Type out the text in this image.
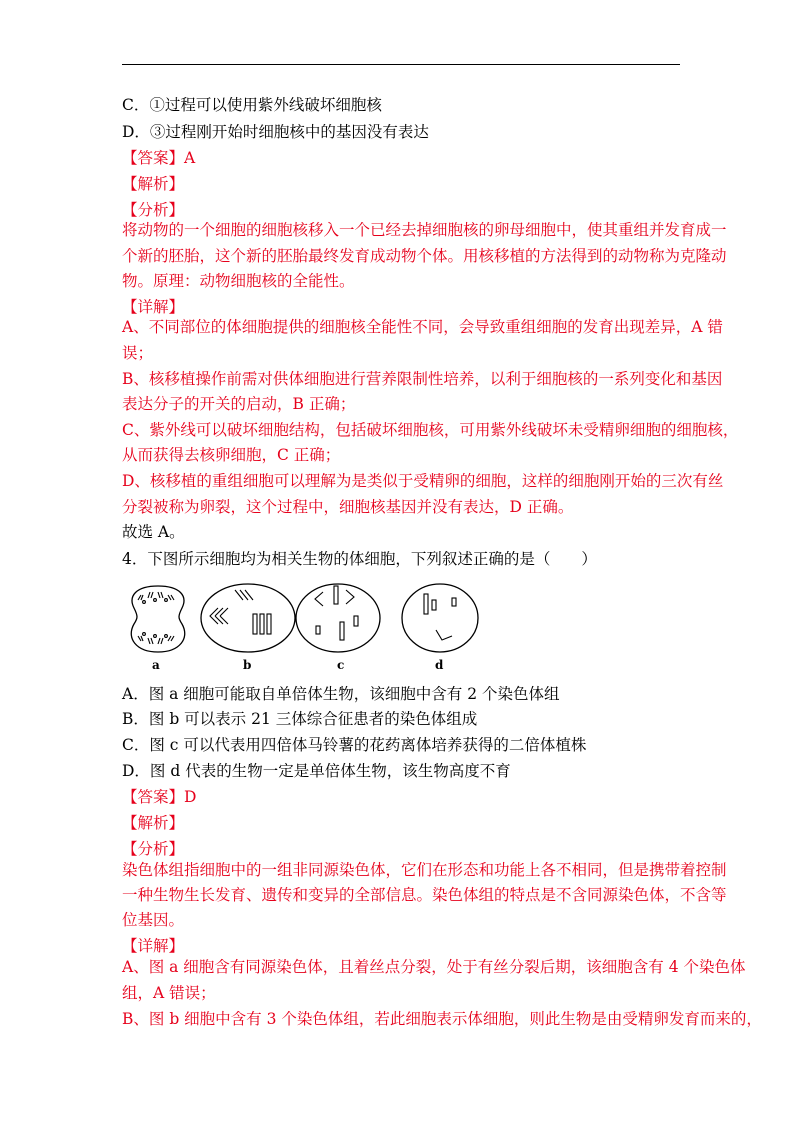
C．①过程可以使用紫外线破坏细胞核
D．③过程刚开始时细胞核中的基因没有表达
【答案】A
【解析】
【分析】
将动物的一个细胞的细胞核移入一个已经去掉细胞核的卵母细胞中，使其重组并发育成一
个新的胚胎，这个新的胚胎最终发育成动物个体。用核移植的方法得到的动物称为克隆动
物。原理：动物细胞核的全能性。
【详解】
A、不同部位的体细胞提供的细胞核全能性不同，会导致重组细胞的发育出现差异，A 错
误；
B、核移植操作前需对供体细胞进行营养限制性培养，以利于细胞核的一系列变化和基因
表达分子的开关的启动，B 正确；
C、紫外线可以破坏细胞结构，包括破坏细胞核，可用紫外线破坏未受精卵细胞的细胞核，
从而获得去核卵细胞，C 正确；
D、核移植的重组细胞可以理解为是类似于受精卵的细胞，这样的细胞刚开始的三次有丝
分裂被称为卵裂，这个过程中，细胞核基因并没有表达，D 正确。
故选 A。
4．下图所示细胞均为相关生物的体细胞，下列叙述正确的是（　　）
a	b	c	d
A．图 a 细胞可能取自单倍体生物，该细胞中含有 2 个染色体组
B．图 b 可以表示 21 三体综合征患者的染色体组成
C．图 c 可以代表用四倍体马铃薯的花药离体培养获得的二倍体植株
D．图 d 代表的生物一定是单倍体生物，该生物高度不育
【答案】D
【解析】
【分析】
染色体组指细胞中的一组非同源染色体，它们在形态和功能上各不相同，但是携带着控制
一种生物生长发育、遗传和变异的全部信息。染色体组的特点是不含同源染色体，不含等
位基因。
【详解】
A、图 a 细胞含有同源染色体，且着丝点分裂，处于有丝分裂后期，该细胞含有 4 个染色体
组，A 错误；
B、图 b 细胞中含有 3 个染色体组，若此细胞表示体细胞，则此生物是由受精卵发育而来的，
